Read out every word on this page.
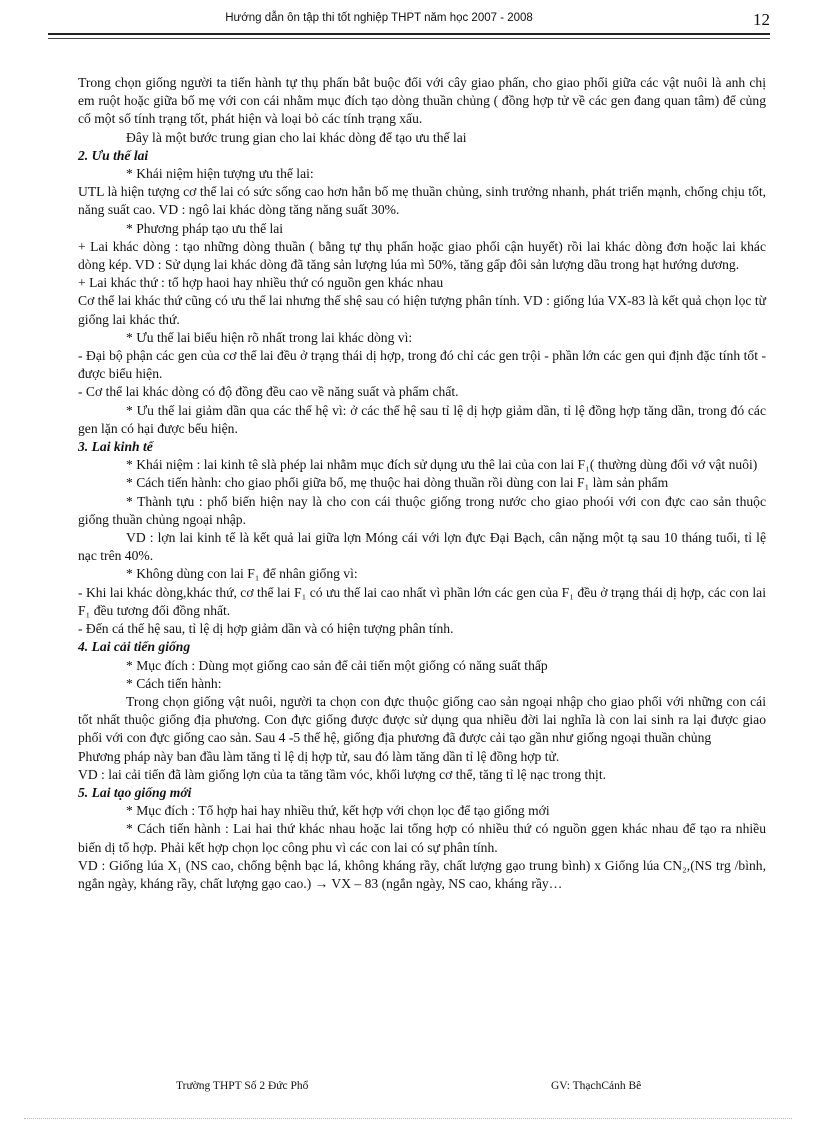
Hướng dẫn ôn tập thi tốt nghiệp THPT năm học 2007 - 2008	12

Trong chọn giống người ta tiến hành tự thụ phấn bắt buộc đối với cây giao phấn, cho giao phối giữa các vật nuôi là anh chị em ruột hoặc giữa bố mẹ với con cái nhằm mục đích tạo dòng thuần chủng ( đồng hợp tử về các gen đang quan tâm) để củng cố một số tính trạng tốt, phát hiện và loại bỏ các tính trạng xấu.

Đây là một bước trung gian cho lai khác dòng để tạo ưu thế lai

2. Ưu thế lai

* Khái niệm hiện tượng ưu thế lai:

UTL là hiện tượng cơ thể lai có sức sống cao hơn hẳn bố mẹ thuần chủng, sinh trưởng nhanh, phát triển mạnh, chống chịu tốt, năng suất cao. VD : ngô lai khác dòng tăng năng suất 30%.

* Phương pháp tạo ưu thế lai

+ Lai khác dòng : tạo những dòng thuần ( bằng tự thụ phấn hoặc giao phối cận huyết) rồi lai khác dòng đơn hoặc lai khác dòng kép. VD : Sử dụng lai khác dòng đã tăng sản lượng lúa mì 50%, tăng gấp đôi sản lượng dầu trong hạt hướng dương.

+ Lai khác thứ : tổ hợp haoi hay nhiều thứ có nguồn gen khác nhau

Cơ thể lai khác thứ cũng có ưu thế lai nhưng thế shệ sau có hiện tượng phân tính. VD : giống lúa VX-83 là kết quả chọn lọc từ giống lai khác thứ.

* Ưu thế lai biểu hiện rõ nhất trong lai khác dòng vì:

- Đại bộ phận các gen của cơ thể lai đều ở trạng thái dị hợp, trong đó chỉ các gen trội - phần lớn các gen qui định đặc tính tốt - được biểu hiện.

- Cơ thể lai khác dòng có độ đồng đều cao về năng suất và phẩm chất.

* Ưu thế lai giảm dần qua các thế hệ vì: ở các thế hệ sau tỉ lệ dị hợp giảm dần, tỉ lệ đồng hợp tăng dần, trong đó các gen lặn có hại được bểu hiện.

3. Lai kinh tế

* Khái niệm : lai kinh tê slà phép lai nhằm mục đích sử dụng ưu thê lai của con lai F₁( thường dùng đối vớ vật nuôi)

* Cách tiến hành: cho giao phối giữa bố, mẹ thuộc hai dòng thuần rồi dùng con lai F₁ làm sản phẩm

* Thành tựu : phổ biến hiện nay là cho con cái thuộc giống trong nước cho giao phoói với con đực cao sản thuộc giống thuần chủng ngoại nhập.

VD : lợn lai kinh tế là kết quả lai giữa lợn Móng cái với lợn đực Đại Bạch, cân nặng một tạ sau 10 tháng tuổi, tỉ lệ nạc trên 40%.

* Không dùng con lai F₁ để nhân giống vì:

- Khi lai khác dòng,khác thứ, cơ thể lai F₁ có ưu thế lai cao nhất vì phần lớn các gen của F₁ đều ở trạng thái dị hợp, các con lai F₁ đều tương đối đồng nhất.

- Đến cá thế hệ sau, tỉ lệ dị hợp giảm dần và có hiện tượng phân tính.

4. Lai cải tiến giống

* Mục đích : Dùng mọt giống cao sản để cải tiến một giống có năng suất thấp

* Cách tiến hành:

Trong chọn giống vật nuôi, người ta chọn con đực thuộc giống cao sản ngoại nhập cho giao phối với những con cái tốt nhất thuộc giống địa phương. Con đực giống được được sử dụng qua nhiều đời lai nghĩa là con lai sinh ra lại được giao phối với con đực giống cao sản. Sau 4 -5 thế hệ, giống địa phương đã được cải tạo gần như giống ngoại thuần chủng

Phương pháp này ban đầu làm tăng tỉ lệ dị hợp tử, sau đó làm tăng dần tỉ lệ đồng hợp tử.

VD : lai cải tiến đã làm giống lợn của ta tăng tầm vóc, khối lượng cơ thể, tăng tỉ lệ nạc trong thịt.

5. Lai tạo giống mới

* Mục đích : Tổ hợp hai hay nhiều thứ, kết hợp với chọn lọc để tạo giống mới

* Cách tiến hành : Lai hai thứ khác nhau hoặc lai tổng hợp có nhiều thứ có nguồn ggen khác nhau để tạo ra nhiều biến dị tổ hợp. Phải kết hợp chọn lọc công phu vì các con lai có sự phân tính.

VD : Giống lúa X₁ (NS cao, chống bệnh bạc lá, không kháng rầy, chất lượng gạo trung bình) x Giống lúa CN₂,(NS trg /bình, ngắn ngày, kháng rầy, chất lượng gạo cao.) → VX – 83 (ngắn ngày, NS cao, kháng rầy…

Trường THPT Số 2 Đức Phổ	GV: ThạchCảnh Bê
